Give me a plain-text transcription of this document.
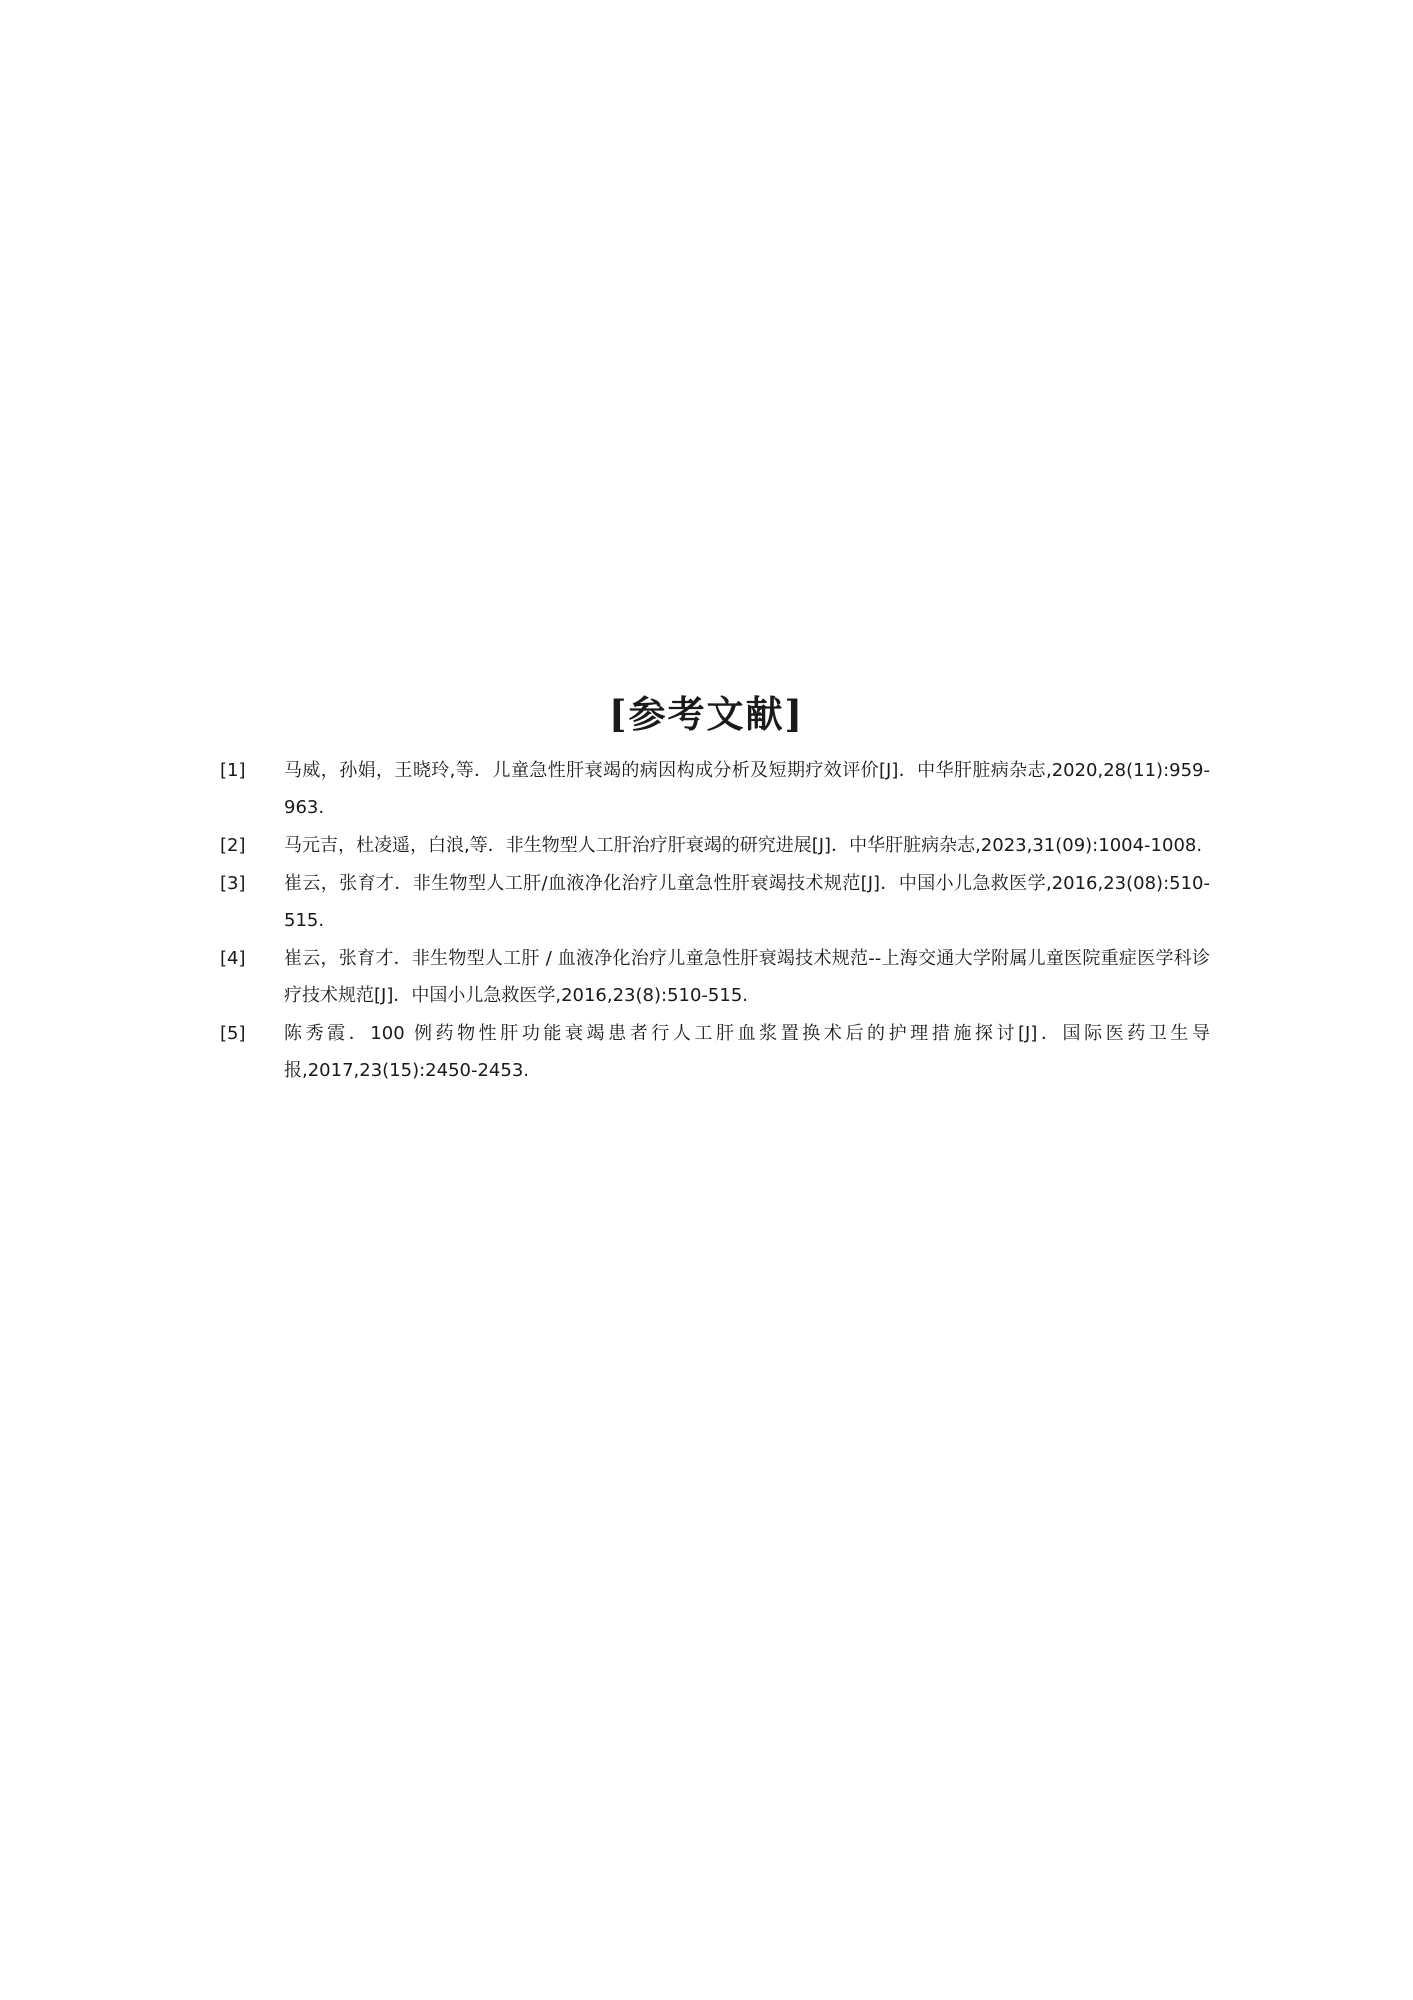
[参考文献]
[1]	马威，孙娟，王晓玲,等．儿童急性肝衰竭的病因构成分析及短期疗效评价[J]．中华肝脏病杂志,2020,28(11):959-963.
[2]	马元吉，杜凌遥，白浪,等．非生物型人工肝治疗肝衰竭的研究进展[J]．中华肝脏病杂志,2023,31(09):1004-1008.
[3]	崔云，张育才．非生物型人工肝/血液净化治疗儿童急性肝衰竭技术规范[J]．中国小儿急救医学,2016,23(08):510-515.
[4]	崔云，张育才．非生物型人工肝 / 血液净化治疗儿童急性肝衰竭技术规范--上海交通大学附属儿童医院重症医学科诊疗技术规范[J]．中国小儿急救医学,2016,23(8):510-515.
[5]	陈秀霞．100 例药物性肝功能衰竭患者行人工肝血浆置换术后的护理措施探讨[J]．国际医药卫生导报,2017,23(15):2450-2453.
